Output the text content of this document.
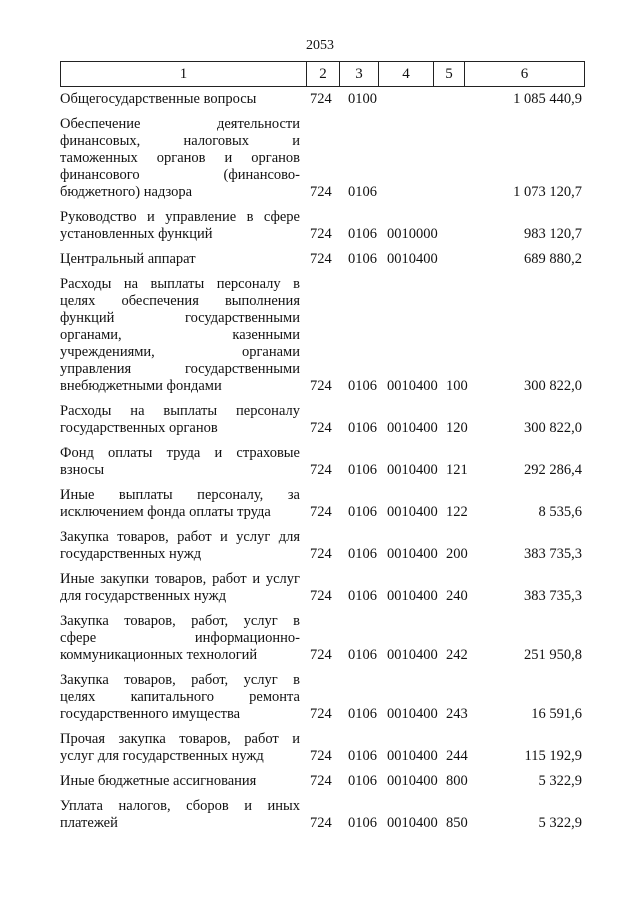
2053
1	2	3	4	5	6
Общегосударственные вопросы	724 0100	1 085 440,9
Обеспечение деятельности
финансовых, налоговых и
таможенных органов и органов
финансового (финансово-
бюджетного) надзора	724 0106	1 073 120,7
Руководство и управление в сфере
установленных функций	724 0106 0010000	983 120,7
Центральный аппарат	724 0106 0010400	689 880,2
Расходы на выплаты персоналу в
целях обеспечения выполнения
функций государственными
органами, казенными
учреждениями, органами
управления государственными
внебюджетными фондами	724 0106 0010400 100	300 822,0
Расходы на выплаты персоналу
государственных органов	724 0106 0010400 120	300 822,0
Фонд оплаты труда и страховые
взносы	724 0106 0010400 121	292 286,4
Иные выплаты персоналу, за
исключением фонда оплаты труда	724 0106 0010400 122	8 535,6
Закупка товаров, работ и услуг для
государственных нужд	724 0106 0010400 200	383 735,3
Иные закупки товаров, работ и услуг
для государственных нужд	724 0106 0010400 240	383 735,3
Закупка товаров, работ, услуг в
сфере информационно-
коммуникационных технологий	724 0106 0010400 242	251 950,8
Закупка товаров, работ, услуг в
целях капитального ремонта
государственного имущества	724 0106 0010400 243	16 591,6
Прочая закупка товаров, работ и
услуг для государственных нужд	724 0106 0010400 244	115 192,9
Иные бюджетные ассигнования	724 0106 0010400 800	5 322,9
Уплата налогов, сборов и иных
платежей	724 0106 0010400 850	5 322,9
